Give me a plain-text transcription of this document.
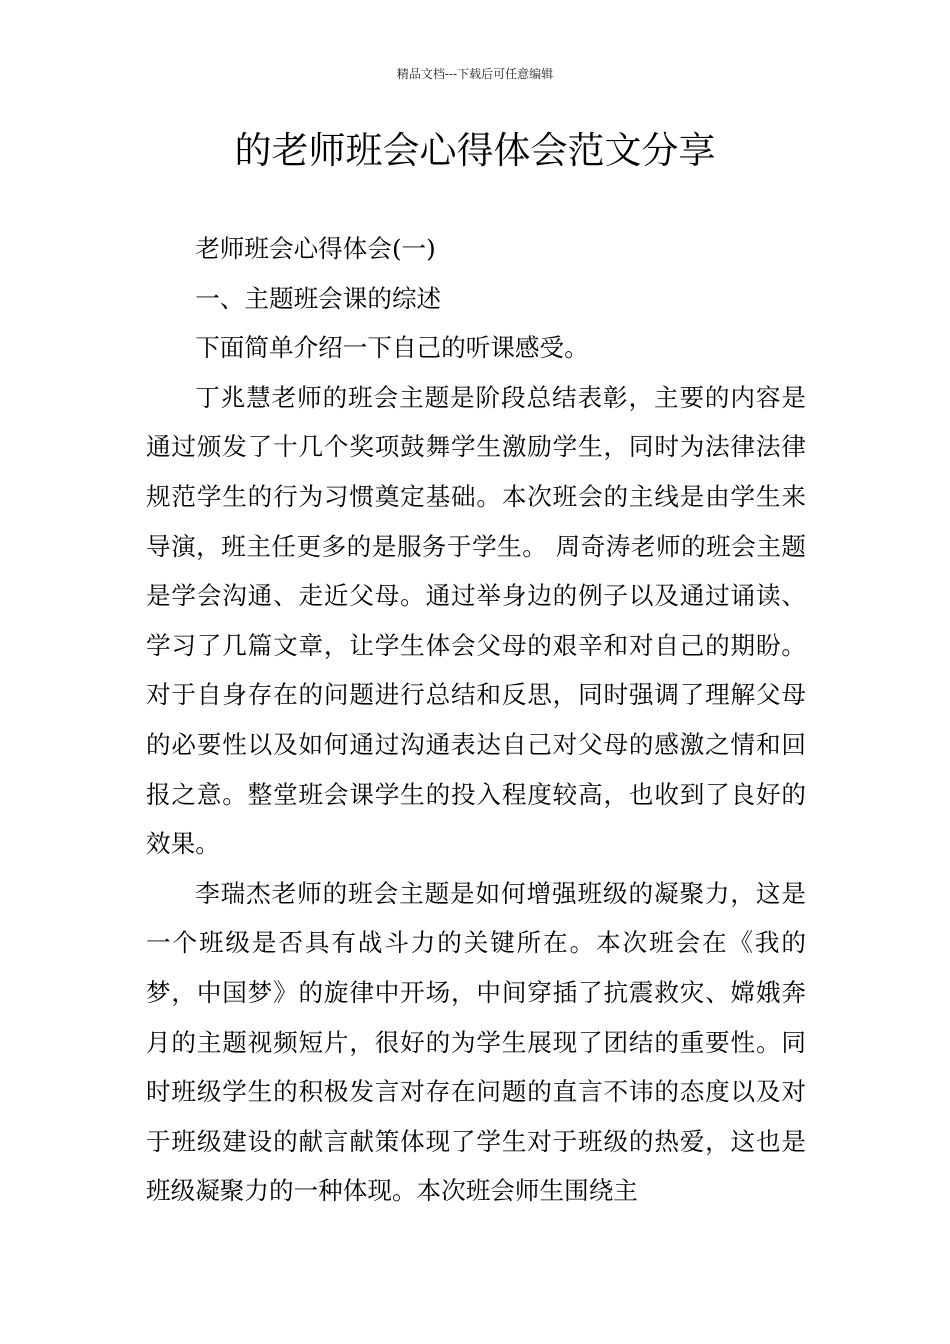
精品文档---下载后可任意编辑
的老师班会心得体会范文分享

老师班会心得体会(一)

一、主题班会课的综述

下面简单介绍一下自己的听课感受。

丁兆慧老师的班会主题是阶段总结表彰，主要的内容是通过颁发了十几个奖项鼓舞学生激励学生，同时为法律法律规范学生的行为习惯奠定基础。本次班会的主线是由学生来导演，班主任更多的是服务于学生。 周奇涛老师的班会主题是学会沟通、走近父母。通过举身边的例子以及通过诵读、学习了几篇文章，让学生体会父母的艰辛和对自己的期盼。对于自身存在的问题进行总结和反思，同时强调了理解父母的必要性以及如何通过沟通表达自己对父母的感激之情和回报之意。整堂班会课学生的投入程度较高，也收到了良好的效果。

李瑞杰老师的班会主题是如何增强班级的凝聚力，这是一个班级是否具有战斗力的关键所在。本次班会在《我的梦，中国梦》的旋律中开场，中间穿插了抗震救灾、嫦娥奔月的主题视频短片，很好的为学生展现了团结的重要性。同时班级学生的积极发言对存在问题的直言不讳的态度以及对于班级建设的献言献策体现了学生对于班级的热爱，这也是班级凝聚力的一种体现。本次班会师生围绕主
